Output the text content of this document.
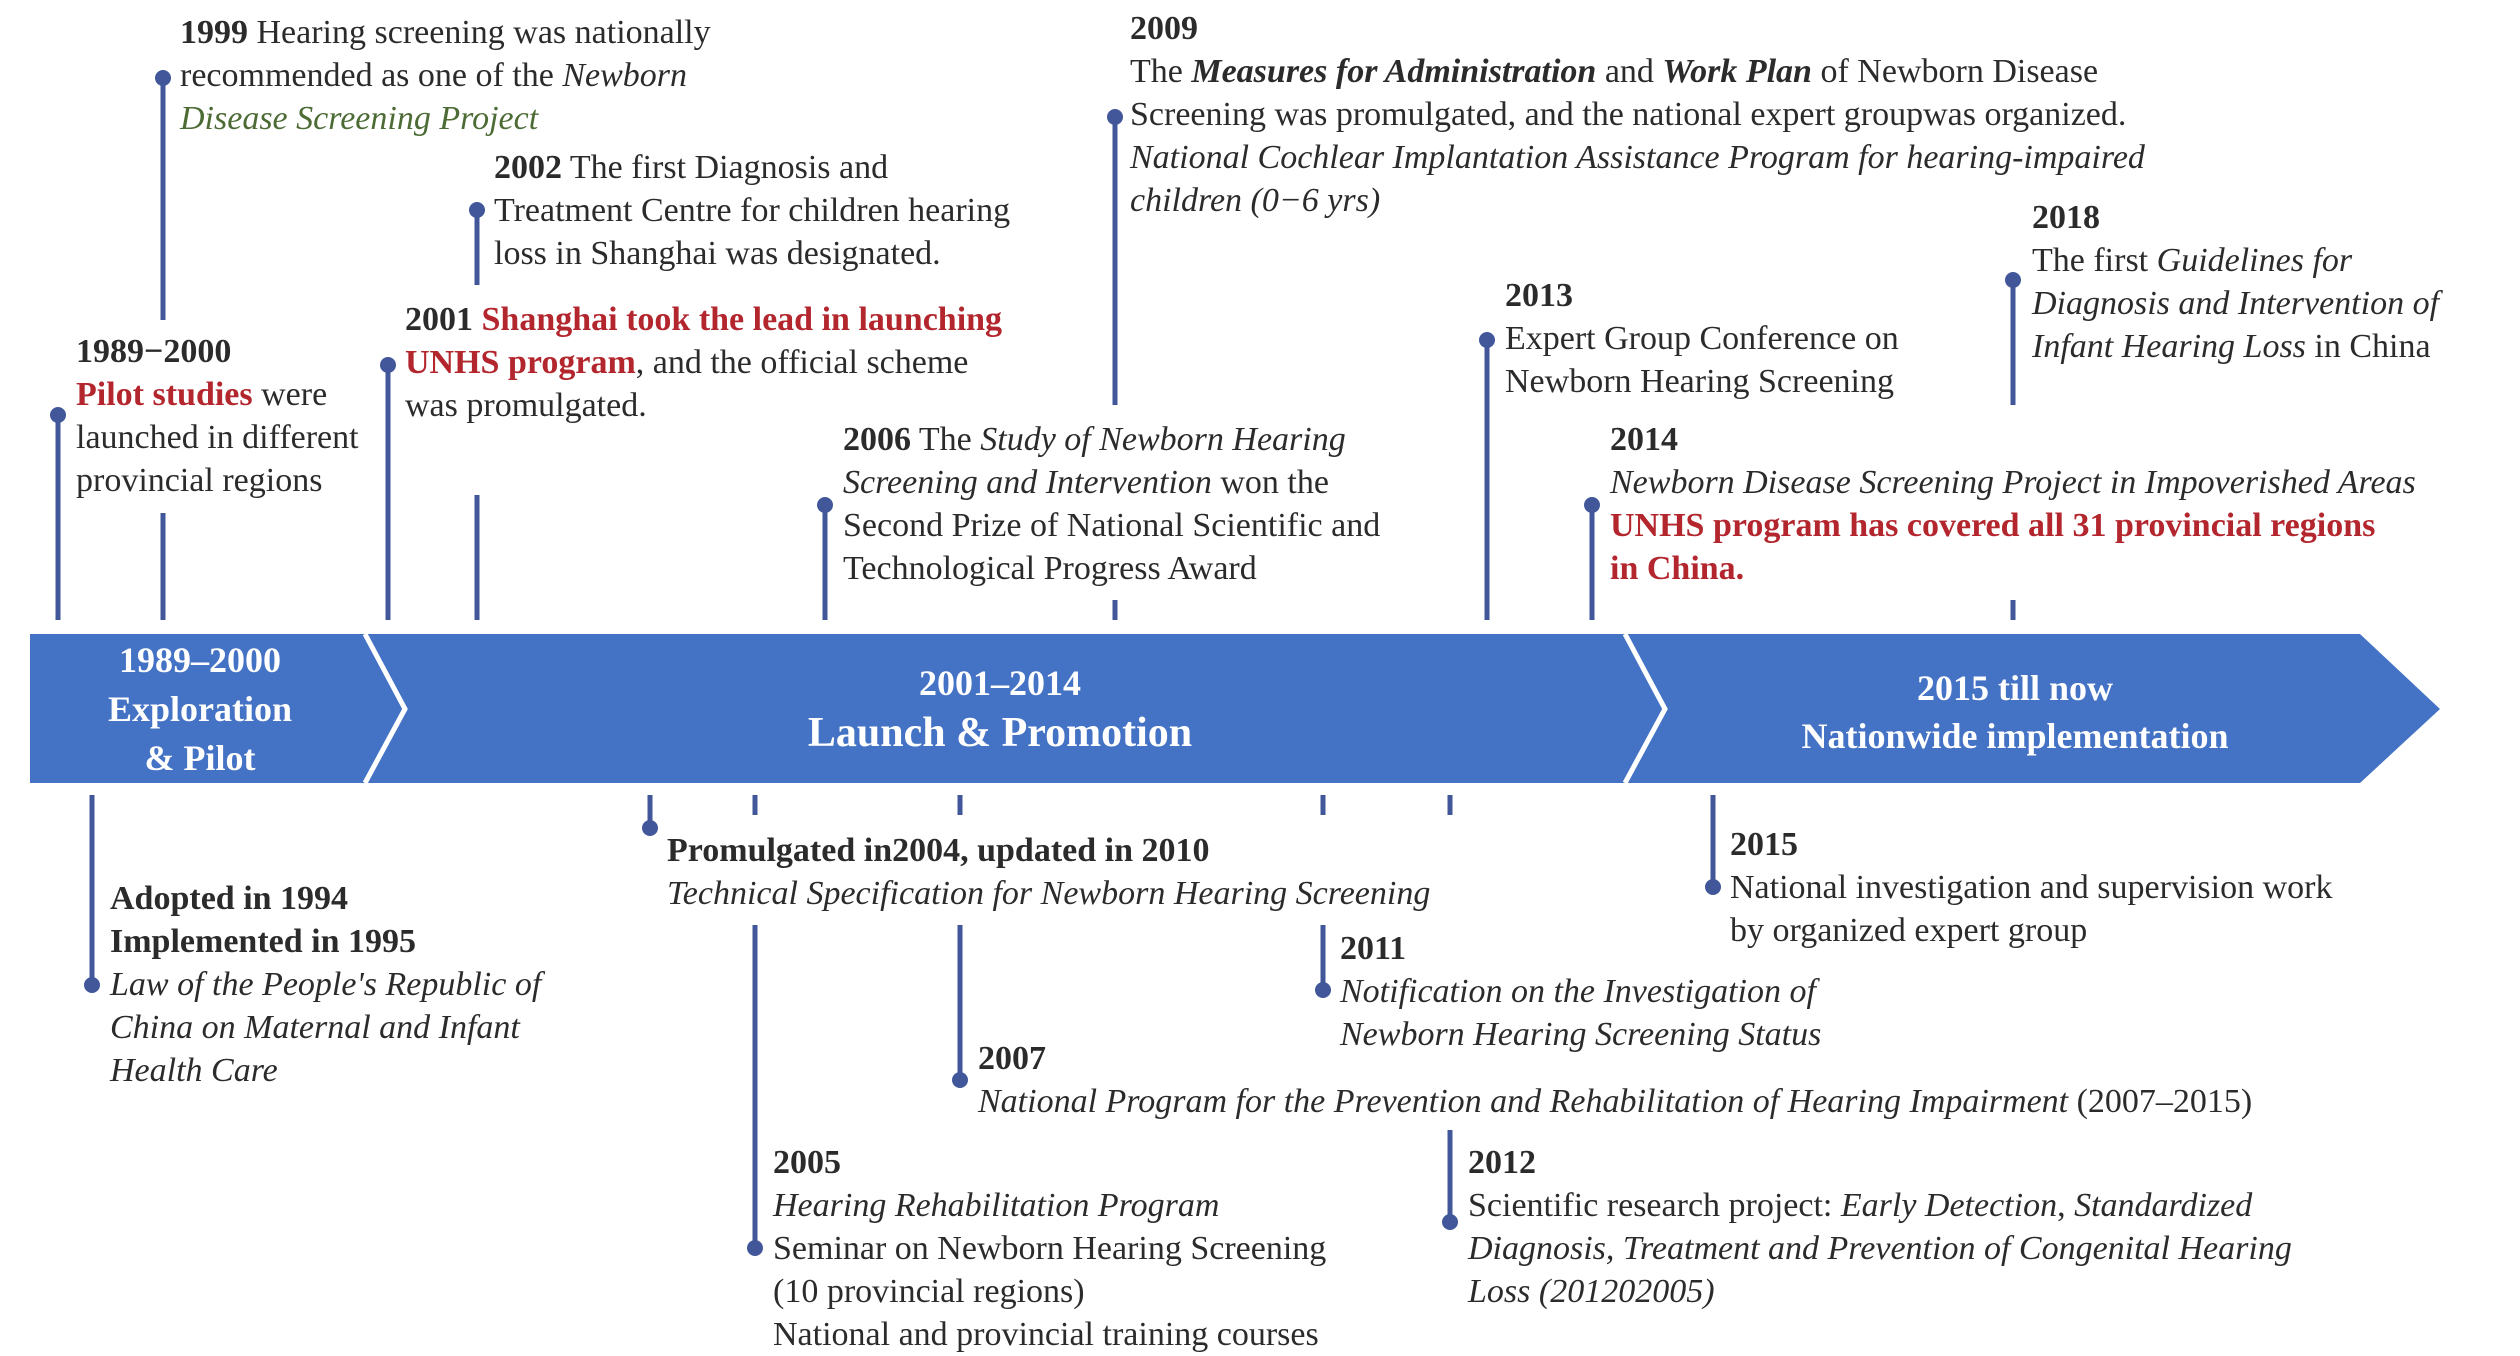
1989–2000
Exploration
& Pilot
2001–2014
Launch & Promotion
2015 till now
Nationwide implementation
1999 Hearing screening was nationally
recommended as one of the Newborn
Disease Screening Project
2002 The first Diagnosis and
Treatment Centre for children hearing
loss in Shanghai was designated.
2001 Shanghai took the lead in launching
UNHS program, and the official scheme
was promulgated.
1989−2000
Pilot studies were
launched in different
provincial regions
2009
The Measures for Administration and Work Plan of Newborn Disease
Screening was promulgated, and the national expert groupwas organized.
National Cochlear Implantation Assistance Program for hearing-impaired
children (0−6 yrs)
2006 The Study of Newborn Hearing
Screening and Intervention won the
Second Prize of National Scientific and
Technological Progress Award
2013
Expert Group Conference on
Newborn Hearing Screening
2018
The first Guidelines for
Diagnosis and Intervention of
Infant Hearing Loss in China
2014
Newborn Disease Screening Project in Impoverished Areas
UNHS program has covered all 31 provincial regions
in China.
Adopted in 1994
Implemented in 1995
Law of the People's Republic of
China on Maternal and Infant
Health Care
Promulgated in2004, updated in 2010
Technical Specification for Newborn Hearing Screening
2015
National investigation and supervision work
by organized expert group
2011
Notification on the Investigation of
Newborn Hearing Screening Status
2007
National Program for the Prevention and Rehabilitation of Hearing Impairment (2007–2015)
2005
Hearing Rehabilitation Program
Seminar on Newborn Hearing Screening
(10 provincial regions)
National and provincial training courses
2012
Scientific research project: Early Detection, Standardized
Diagnosis, Treatment and Prevention of Congenital Hearing
Loss (201202005)
